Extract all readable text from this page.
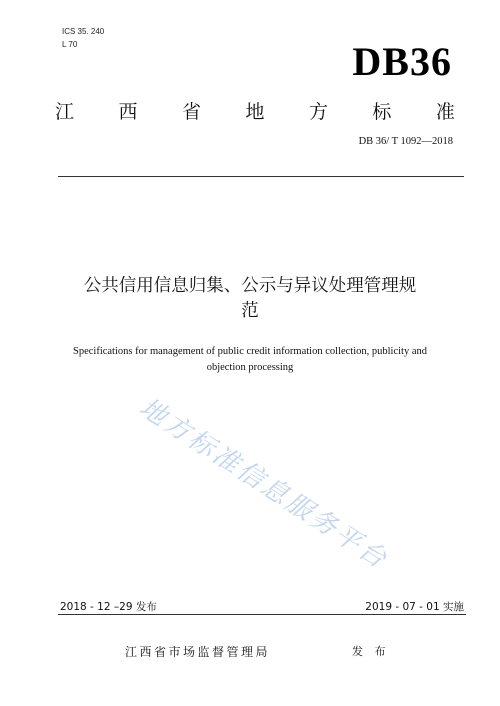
ICS 35. 240
L 70	DB36
江 西 省 地 方 标 准
DB 36/ T 1092—2018
公共信用信息归集、公示与异议处理管理规
范
Specifications for management of public credit information collection, publicity and
objection processing
地方标准信息服务平台
2018 - 12 –29 发布	2019 - 07 - 01 实施
江西省市场监督管理局	发 布
